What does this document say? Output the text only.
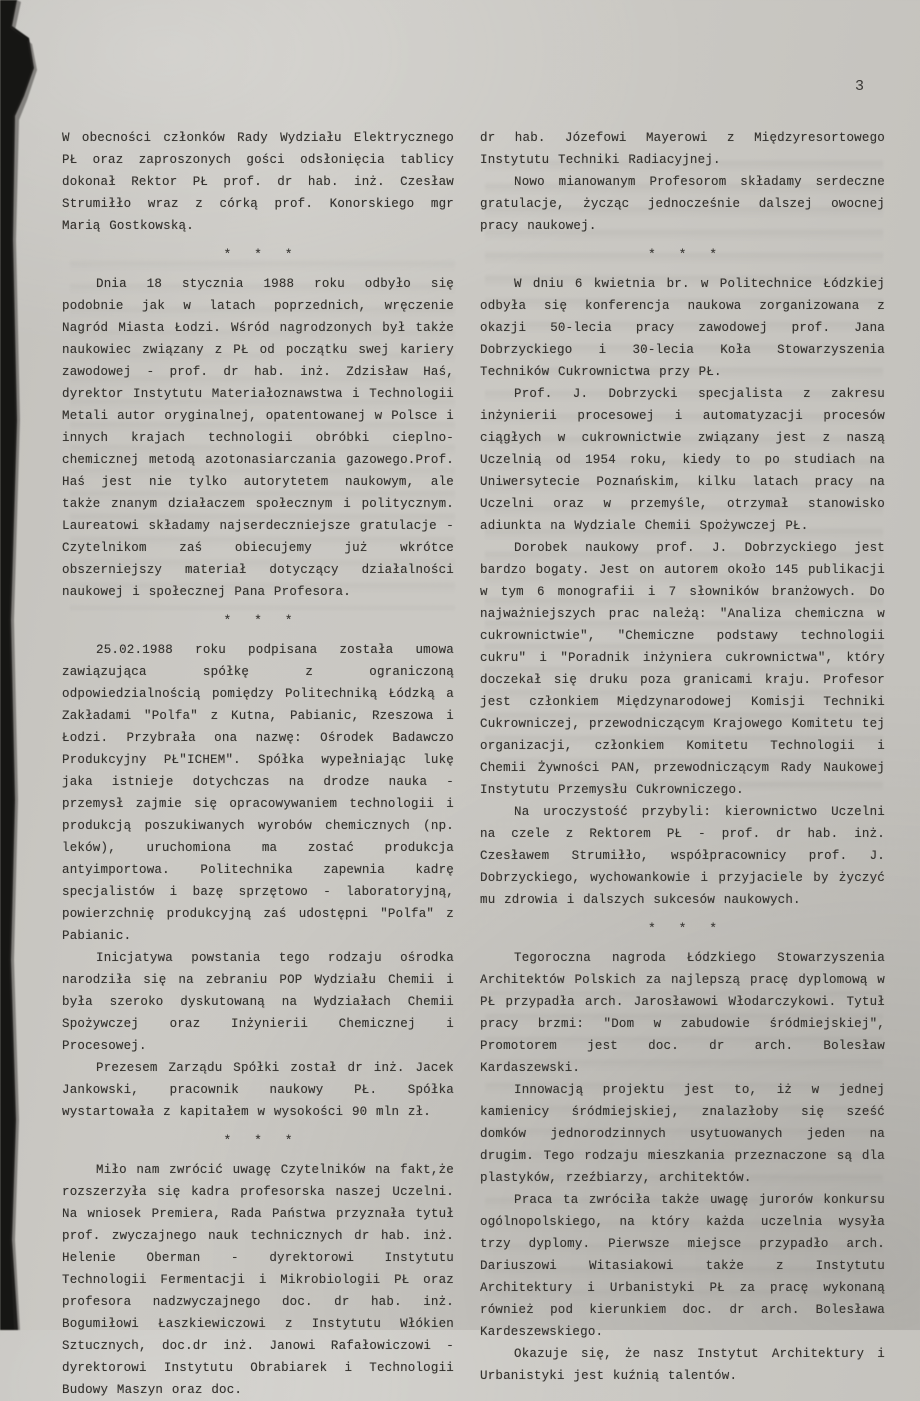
3

W obecności członków Rady Wydziału Elektrycznego PŁ oraz zaproszonych gości odsłonięcia tablicy dokonał Rektor PŁ prof. dr hab. inż. Czesław Strumiłło wraz z córką prof. Konorskiego mgr Marią Gostkowską.

* * *

Dnia 18 stycznia 1988 roku odbyło się podobnie jak w latach poprzednich, wręczenie Nagród Miasta Łodzi. Wśród nagrodzonych był także naukowiec związany z PŁ od początku swej kariery zawodowej - prof. dr hab. inż. Zdzisław Haś, dyrektor Instytutu Materiałoznawstwa i Technologii Metali autor oryginalnej, opatentowanej w Polsce i innych krajach technologii obróbki cieplno-chemicznej metodą azotonasiarczania gazowego.Prof. Haś jest nie tylko autorytetem naukowym, ale także znanym działaczem społecznym i politycznym. Laureatowi składamy najserdeczniejsze gratulacje - Czytelnikom zaś obiecujemy już wkrótce obszerniejszy materiał dotyczący działalności naukowej i społecznej Pana Profesora.

* * *

25.02.1988 roku podpisana została umowa zawiązująca spółkę z ograniczoną odpowiedzialnością pomiędzy Politechniką Łódzką a Zakładami "Polfa" z Kutna, Pabianic, Rzeszowa i Łodzi. Przybrała ona nazwę: Ośrodek Badawczo Produkcyjny PŁ"ICHEM". Spółka wypełniając lukę jaka istnieje dotychczas na drodze nauka - przemysł zajmie się opracowywaniem technologii i produkcją poszukiwanych wyrobów chemicznych (np. leków), uruchomiona ma zostać produkcja antyimportowa. Politechnika zapewnia kadrę specjalistów i bazę sprzętowo - laboratoryjną, powierzchnię produkcyjną zaś udostępni "Polfa" z Pabianic.

Inicjatywa powstania tego rodzaju ośrodka narodziła się na zebraniu POP Wydziału Chemii i była szeroko dyskutowaną na Wydziałach Chemii Spożywczej oraz Inżynierii Chemicznej i Procesowej.

Prezesem Zarządu Spółki został dr inż. Jacek Jankowski, pracownik naukowy PŁ. Spółka wystartowała z kapitałem w wysokości 90 mln zł.

* * *

Miło nam zwrócić uwagę Czytelników na fakt,że rozszerzyła się kadra profesorska naszej Uczelni. Na wniosek Premiera, Rada Państwa przyznała tytuł prof. zwyczajnego nauk technicznych dr hab. inż. Helenie Oberman - dyrektorowi Instytutu Technologii Fermentacji i Mikrobiologii PŁ oraz profesora nadzwyczajnego doc. dr hab. inż. Bogumiłowi Łaszkiewiczowi z Instytutu Włókien Sztucznych, doc.dr inż. Janowi Rafałowiczowi - dyrektorowi Instytutu Obrabiarek i Technologii Budowy Maszyn oraz doc.

dr hab. Józefowi Mayerowi z Międzyresortowego Instytutu Techniki Radiacyjnej.

Nowo mianowanym Profesorom składamy serdeczne gratulacje, życząc jednocześnie dalszej owocnej pracy naukowej.

* * *

W dniu 6 kwietnia br. w Politechnice Łódzkiej odbyła się konferencja naukowa zorganizowana z okazji 50-lecia pracy zawodowej prof. Jana Dobrzyckiego i 30-lecia Koła Stowarzyszenia Techników Cukrownictwa przy PŁ.

Prof. J. Dobrzycki specjalista z zakresu inżynierii procesowej i automatyzacji procesów ciągłych w cukrownictwie związany jest z naszą Uczelnią od 1954 roku, kiedy to po studiach na Uniwersytecie Poznańskim, kilku latach pracy na Uczelni oraz w przemyśle, otrzymał stanowisko adiunkta na Wydziale Chemii Spożywczej PŁ.

Dorobek naukowy prof. J. Dobrzyckiego jest bardzo bogaty. Jest on autorem około 145 publikacji w tym 6 monografii i 7 słowników branżowych. Do najważniejszych prac należą: "Analiza chemiczna w cukrownictwie", "Chemiczne podstawy technologii cukru" i "Poradnik inżyniera cukrownictwa", który doczekał się druku poza granicami kraju. Profesor jest członkiem Międzynarodowej Komisji Techniki Cukrowniczej, przewodniczącym Krajowego Komitetu tej organizacji, członkiem Komitetu Technologii i Chemii Żywności PAN, przewodniczącym Rady Naukowej Instytutu Przemysłu Cukrowniczego.

Na uroczystość przybyli: kierownictwo Uczelni na czele z Rektorem PŁ - prof. dr hab. inż. Czesławem Strumiłło, współpracownicy prof. J. Dobrzyckiego, wychowankowie i przyjaciele by życzyć mu zdrowia i dalszych sukcesów naukowych.

* * *

Tegoroczna nagroda Łódzkiego Stowarzyszenia Architektów Polskich za najlepszą pracę dyplomową w PŁ przypadła arch. Jarosławowi Włodarczykowi. Tytuł pracy brzmi: "Dom w zabudowie śródmiejskiej", Promotorem jest doc. dr arch. Bolesław Kardaszewski.

Innowacją projektu jest to, iż w jednej kamienicy śródmiejskiej, znalazłoby się sześć domków jednorodzinnych usytuowanych jeden na drugim. Tego rodzaju mieszkania przeznaczone są dla plastyków, rzeźbiarzy, architektów.

Praca ta zwróciła także uwagę jurorów konkursu ogólnopolskiego, na który każda uczelnia wysyła trzy dyplomy. Pierwsze miejsce przypadło arch. Dariuszowi Witasiakowi także z Instytutu Architektury i Urbanistyki PŁ za pracę wykonaną również pod kierunkiem doc. dr arch. Bolesława Kardeszewskiego.

Okazuje się, że nasz Instytut Architektury i Urbanistyki jest kuźnią talentów.
